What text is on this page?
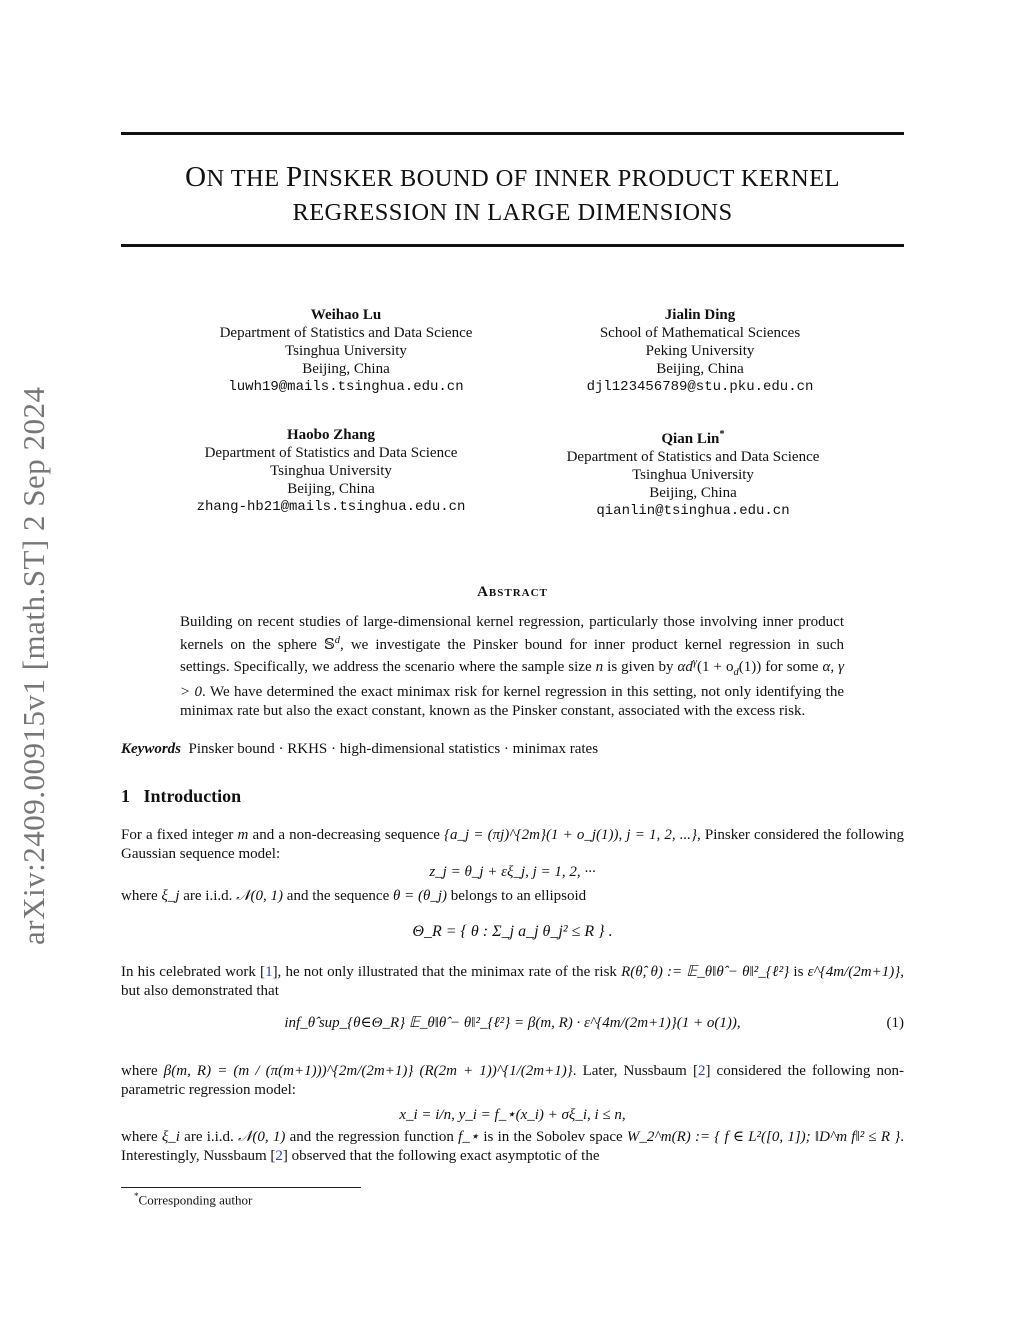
arXiv:2409.00915v1 [math.ST] 2 Sep 2024
ON THE PINSKER BOUND OF INNER PRODUCT KERNEL
REGRESSION IN LARGE DIMENSIONS
Weihao Lu
Department of Statistics and Data Science
Tsinghua University
Beijing, China
luwh19@mails.tsinghua.edu.cn
Jialin Ding
School of Mathematical Sciences
Peking University
Beijing, China
djl123456789@stu.pku.edu.cn
Haobo Zhang
Department of Statistics and Data Science
Tsinghua University
Beijing, China
zhang-hb21@mails.tsinghua.edu.cn
Qian Lin*
Department of Statistics and Data Science
Tsinghua University
Beijing, China
qianlin@tsinghua.edu.cn
Abstract
Building on recent studies of large-dimensional kernel regression, particularly those involving inner product kernels on the sphere 𝕊$^d$, we investigate the Pinsker bound for inner product kernel regression in such settings. Specifically, we address the scenario where the sample size n is given by $\alpha d^\gamma(1 + o_d(1))$ for some α, γ > 0. We have determined the exact minimax risk for kernel regression in this setting, not only identifying the minimax rate but also the exact constant, known as the Pinsker constant, associated with the excess risk.
Keywords Pinsker bound · RKHS · high-dimensional statistics · minimax rates
1 Introduction
For a fixed integer m and a non-decreasing sequence {a_j = (πj)^{2m}(1 + o_j(1)), j = 1, 2, ...}, Pinsker considered the following Gaussian sequence model:
z_j = θ_j + εξ_j, j = 1, 2, ···
where ξ_j are i.i.d. 𝒩(0, 1) and the sequence θ = (θ_j) belongs to an ellipsoid
Θ_R = { θ : Σ_j a_j θ_j² ≤ R } .
In his celebrated work [1], he not only illustrated that the minimax rate of the risk R(θ̂, θ) := 𝔼_θ‖θ̂ − θ‖²_{ℓ²} is ε^{4m/(2m+1)}, but also demonstrated that
inf_θ̂ sup_{θ∈Θ_R} 𝔼_θ‖θ̂ − θ‖²_{ℓ²} = β(m, R) · ε^{4m/(2m+1)}(1 + o(1)),	(1)
where β(m, R) = (m / (π(m+1)))^{2m/(2m+1)} (R(2m + 1))^{1/(2m+1)}. Later, Nussbaum [2] considered the following non-parametric regression model:
x_i = i/n, y_i = f_⋆(x_i) + σξ_i, i ≤ n,
where ξ_i are i.i.d. 𝒩(0, 1) and the regression function f_⋆ is in the Sobolev space W_2^m(R) := { f ∈ L²([0, 1]); ‖D^m f‖² ≤ R }. Interestingly, Nussbaum [2] observed that the following exact asymptotic of the
*Corresponding author
